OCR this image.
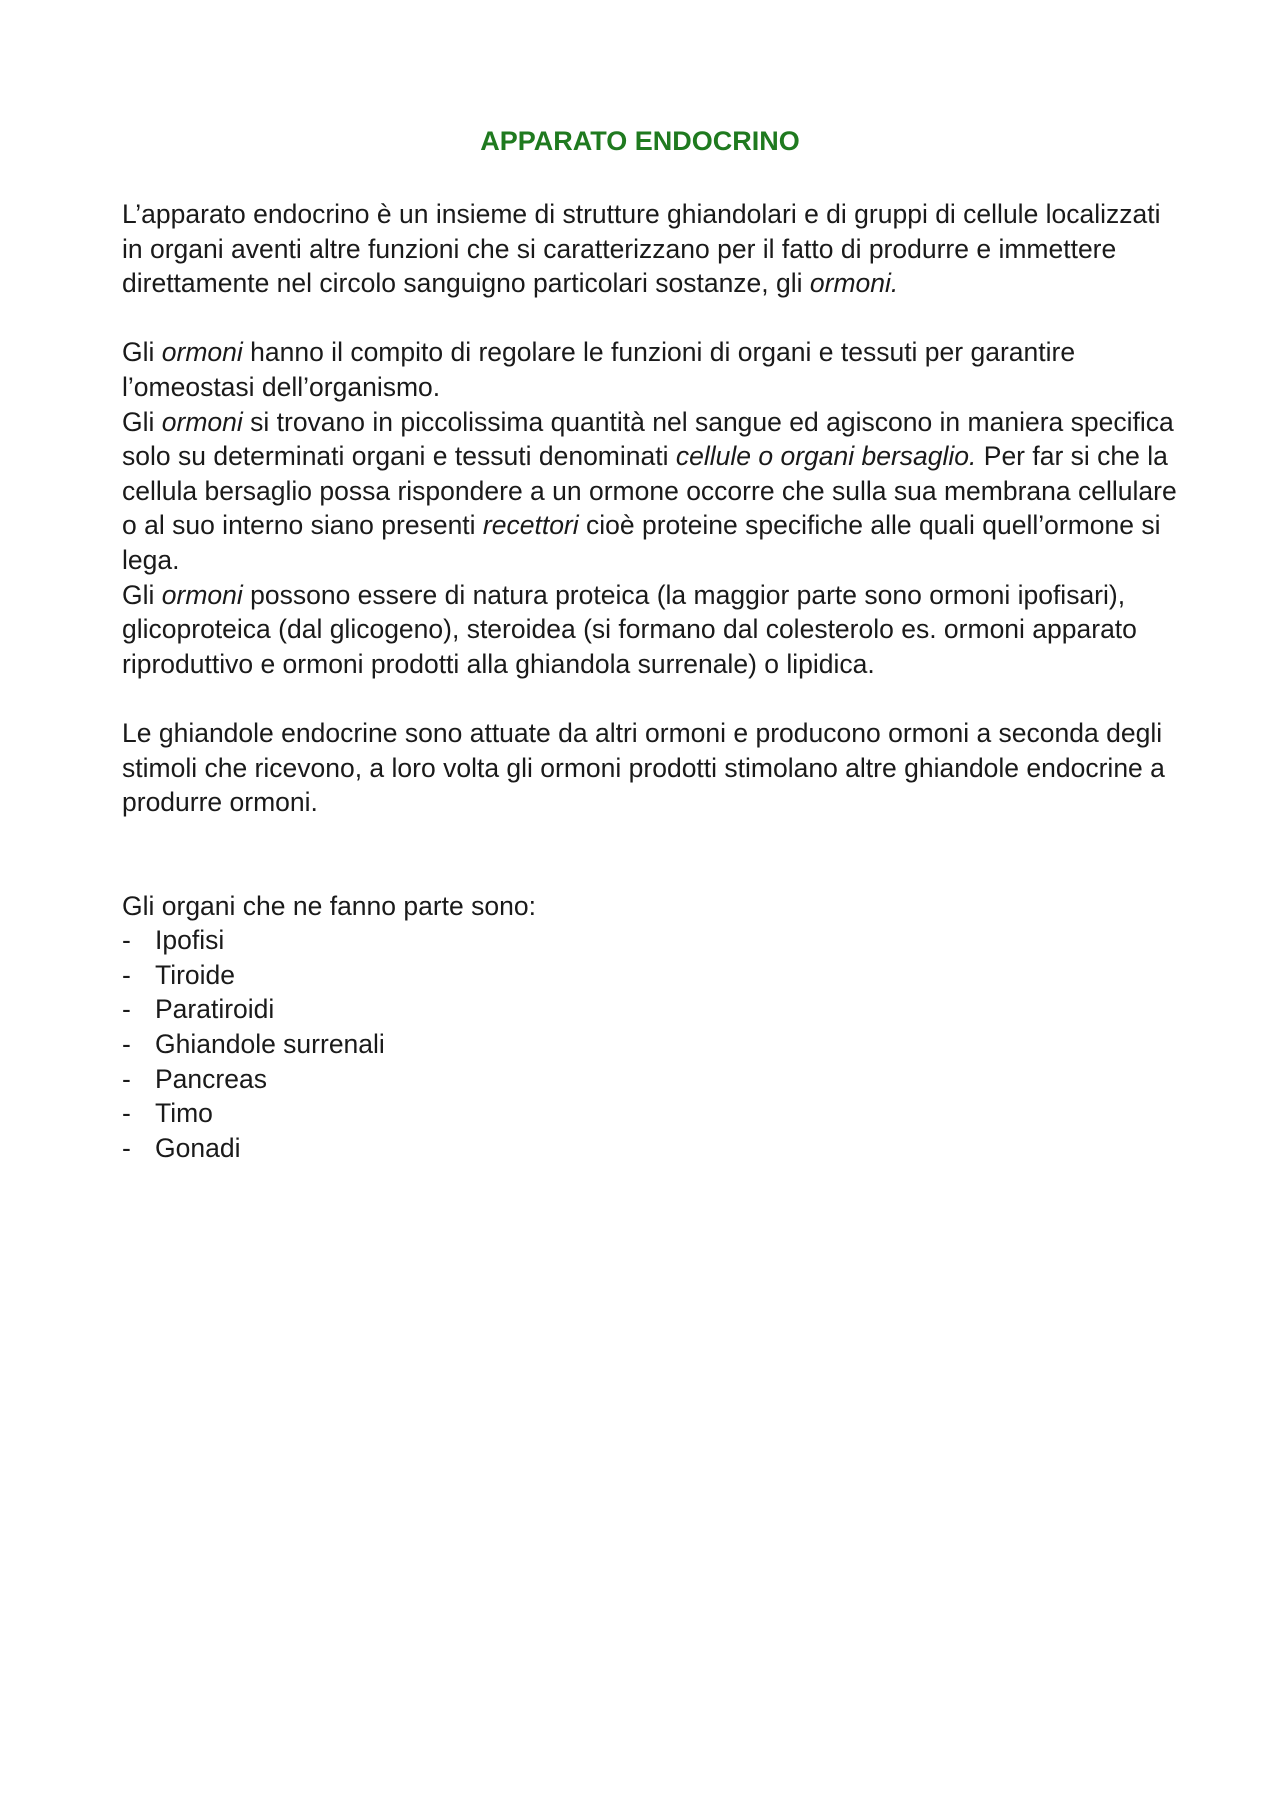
APPARATO ENDOCRINO

L’apparato endocrino è un insieme di strutture ghiandolari e di gruppi di cellule localizzati in organi aventi altre funzioni che si caratterizzano per il fatto di produrre e immettere direttamente nel circolo sanguigno particolari sostanze, gli ormoni.

Gli ormoni hanno il compito di regolare le funzioni di organi e tessuti per garantire l’omeostasi dell’organismo.

Gli ormoni si trovano in piccolissima quantità nel sangue ed agiscono in maniera specifica solo su determinati organi e tessuti denominati cellule o organi bersaglio. Per far si che la cellula bersaglio possa rispondere a un ormone occorre che sulla sua membrana cellulare o al suo interno siano presenti recettori cioè proteine specifiche alle quali quell’ormone si lega.

Gli ormoni possono essere di natura proteica (la maggior parte sono ormoni ipofisari), glicoproteica (dal glicogeno), steroidea (si formano dal colesterolo es. ormoni apparato riproduttivo e ormoni prodotti alla ghiandola surrenale) o lipidica.

Le ghiandole endocrine sono attuate da altri ormoni e producono ormoni a seconda degli stimoli che ricevono, a loro volta gli ormoni prodotti stimolano altre ghiandole endocrine a produrre ormoni.

Gli organi che ne fanno parte sono:

- Ipofisi
- Tiroide
- Paratiroidi
- Ghiandole surrenali
- Pancreas
- Timo
- Gonadi
